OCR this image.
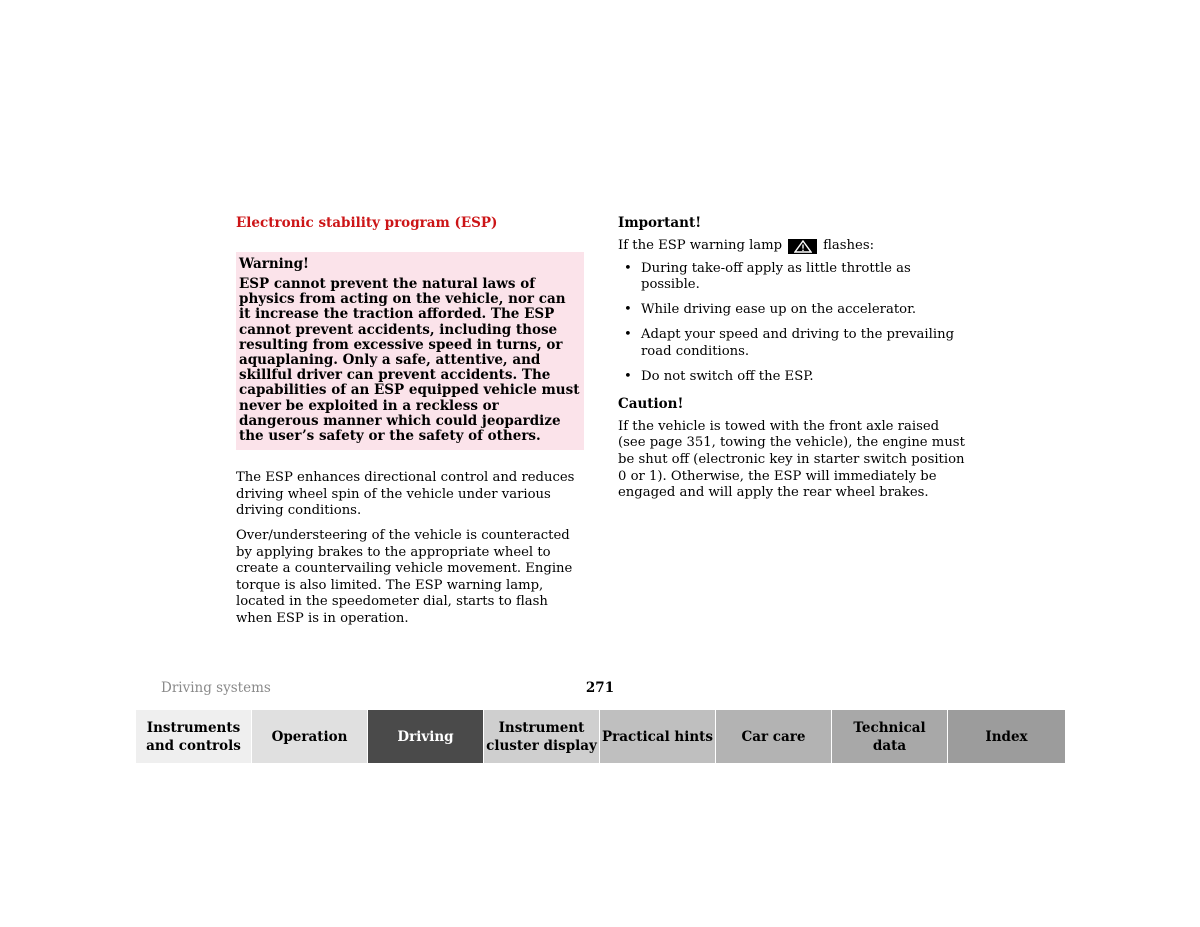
Electronic stability program (ESP)

Warning!

ESP cannot prevent the natural laws of physics from acting on the vehicle, nor can it increase the traction afforded. The ESP cannot prevent accidents, including those resulting from excessive speed in turns, or aquaplaning. Only a safe, attentive, and skillful driver can prevent accidents. The capabilities of an ESP equipped vehicle must never be exploited in a reckless or dangerous manner which could jeopardize the user’s safety or the safety of others.

The ESP enhances directional control and reduces driving wheel spin of the vehicle under various driving conditions.

Over/understeering of the vehicle is counteracted by applying brakes to the appropriate wheel to create a countervailing vehicle movement. Engine torque is also limited. The ESP warning lamp, located in the speedometer dial, starts to flash when ESP is in operation.

Important!

If the ESP warning lamp	flashes:
• During take-off apply as little throttle as possible.
• While driving ease up on the accelerator.
• Adapt your speed and driving to the prevailing road conditions.
• Do not switch off the ESP.

Caution!

If the vehicle is towed with the front axle raised (see page 351, towing the vehicle), the engine must be shut off (electronic key in starter switch position 0 or 1). Otherwise, the ESP will immediately be engaged and will apply the rear wheel brakes.

Driving systems	271
Instruments
and controls
Operation	Driving
Instrument
cluster display
Practical hints Car care
Technical
data
Index
